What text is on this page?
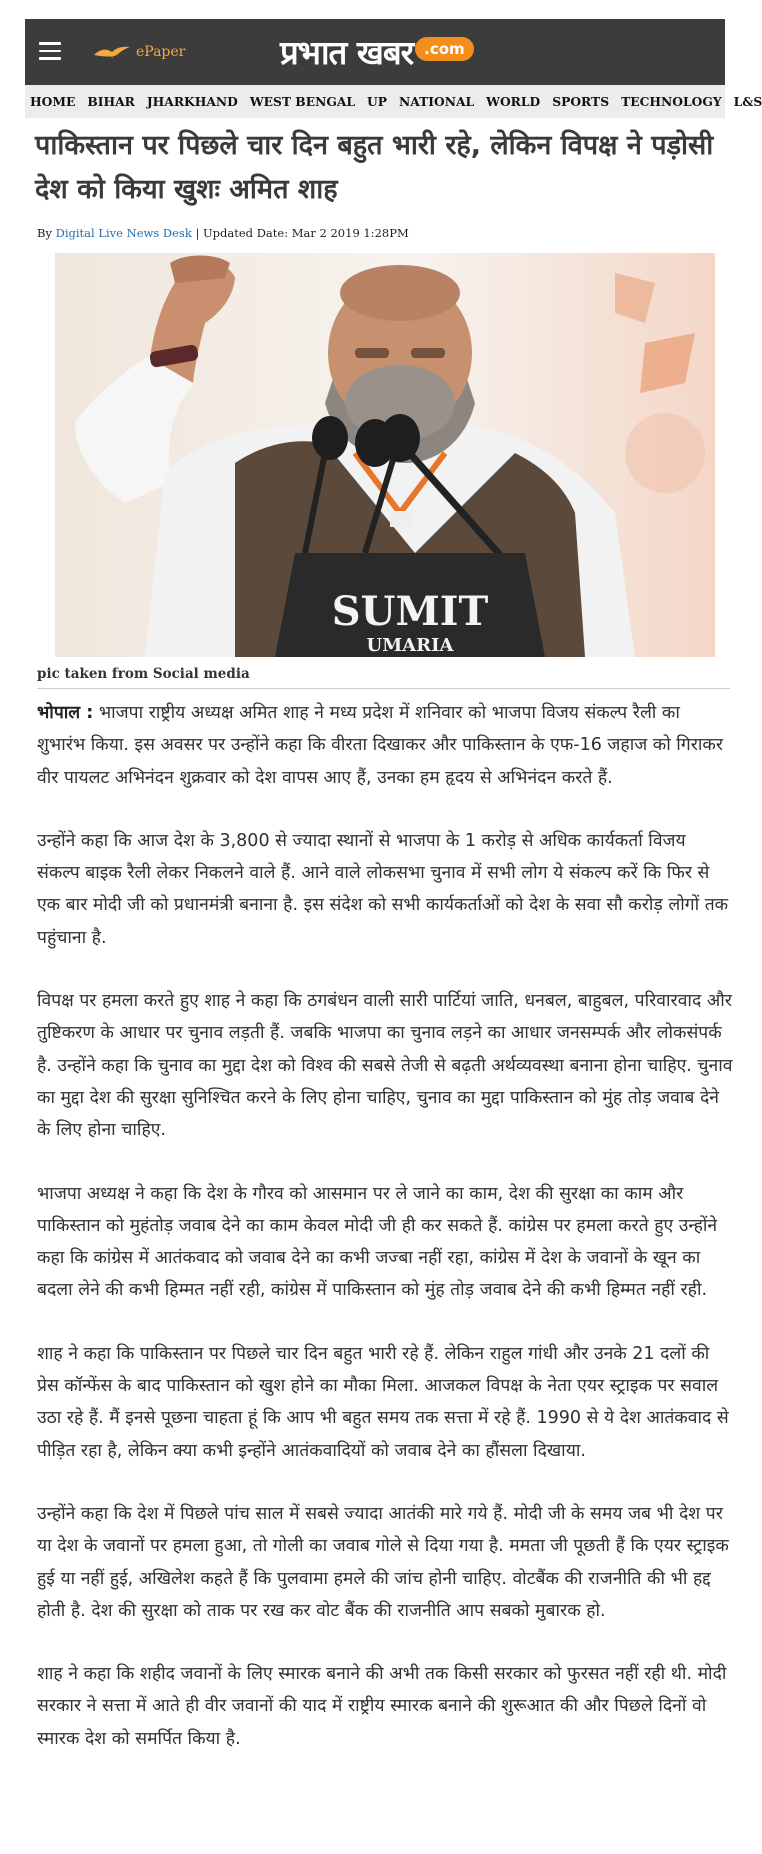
ePaper	प्रभात खबर .com
HOME BIHAR JHARKHAND WEST BENGAL UP NATIONAL WORLD SPORTS TECHNOLOGY L&S
पाकिस्तान पर पिछले चार दिन बहुत भारी रहे, लेकिन विपक्ष ने पड़ोसी देश को किया खुशः अमित शाह
By Digital Live News Desk | Updated Date: Mar 2 2019 1:28PM
SUMIT
UMARIA
pic taken from Social media

भोपाल : भाजपा राष्ट्रीय अध्यक्ष अमित शाह ने मध्य प्रदेश में शनिवार को भाजपा विजय संकल्प रैली का शुभारंभ किया. इस अवसर पर उन्होंने कहा कि वीरता दिखाकर और पाकिस्तान के एफ-16 जहाज को गिराकर वीर पायलट अभिनंदन शुक्रवार को देश वापस आए हैं, उनका हम हृदय से अभिनंदन करते हैं.

उन्होंने कहा कि आज देश के 3,800 से ज्यादा स्थानों से भाजपा के 1 करोड़ से अधिक कार्यकर्ता विजय संकल्प बाइक रैली लेकर निकलने वाले हैं. आने वाले लोकसभा चुनाव में सभी लोग ये संकल्प करें कि फिर से एक बार मोदी जी को प्रधानमंत्री बनाना है. इस संदेश को सभी कार्यकर्ताओं को देश के सवा सौ करोड़ लोगों तक पहुंचाना है.

विपक्ष पर हमला करते हुए शाह ने कहा कि ठगबंधन वाली सारी पार्टियां जाति, धनबल, बाहुबल, परिवारवाद और तुष्टिकरण के आधार पर चुनाव लड़ती हैं. जबकि भाजपा का चुनाव लड़ने का आधार जनसम्पर्क और लोकसंपर्क है. उन्होंने कहा कि चुनाव का मुद्दा देश को विश्व की सबसे तेजी से बढ़ती अर्थव्यवस्था बनाना होना चाहिए. चुनाव का मुद्दा देश की सुरक्षा सुनिश्चित करने के लिए होना चाहिए, चुनाव का मुद्दा पाकिस्तान को मुंह तोड़ जवाब देने के लिए होना चाहिए.

भाजपा अध्यक्ष ने कहा कि देश के गौरव को आसमान पर ले जाने का काम, देश की सुरक्षा का काम और पाकिस्तान को मुहंतोड़ जवाब देने का काम केवल मोदी जी ही कर सकते हैं. कांग्रेस पर हमला करते हुए उन्होंने कहा कि कांग्रेस में आतंकवाद को जवाब देने का कभी जज्बा नहीं रहा, कांग्रेस में देश के जवानों के खून का बदला लेने की कभी हिम्मत नहीं रही, कांग्रेस में पाकिस्तान को मुंह तोड़ जवाब देने की कभी हिम्मत नहीं रही.

शाह ने कहा कि पाकिस्तान पर पिछले चार दिन बहुत भारी रहे हैं. लेकिन राहुल गांधी और उनके 21 दलों की प्रेस कॉन्फेंस के बाद पाकिस्तान को खुश होने का मौका मिला. आजकल विपक्ष के नेता एयर स्ट्राइक पर सवाल उठा रहे हैं. मैं इनसे पूछना चाहता हूं कि आप भी बहुत समय तक सत्ता में रहे हैं. 1990 से ये देश आतंकवाद से पीड़ित रहा है, लेकिन क्या कभी इन्होंने आतंकवादियों को जवाब देने का हौंसला दिखाया.

उन्होंने कहा कि देश में पिछले पांच साल में सबसे ज्यादा आतंकी मारे गये हैं. मोदी जी के समय जब भी देश पर या देश के जवानों पर हमला हुआ, तो गोली का जवाब गोले से दिया गया है. ममता जी पूछती हैं कि एयर स्ट्राइक हुई या नहीं हुई, अखिलेश कहते हैं कि पुलवामा हमले की जांच होनी चाहिए. वोटबैंक की राजनीति की भी हद्द होती है. देश की सुरक्षा को ताक पर रख कर वोट बैंक की राजनीति आप सबको मुबारक हो.

शाह ने कहा कि शहीद जवानों के लिए स्मारक बनाने की अभी तक किसी सरकार को फुरसत नहीं रही थी. मोदी सरकार ने सत्ता में आते ही वीर जवानों की याद में राष्ट्रीय स्मारक बनाने की शुरूआत की और पिछले दिनों वो स्मारक देश को समर्पित किया है.
